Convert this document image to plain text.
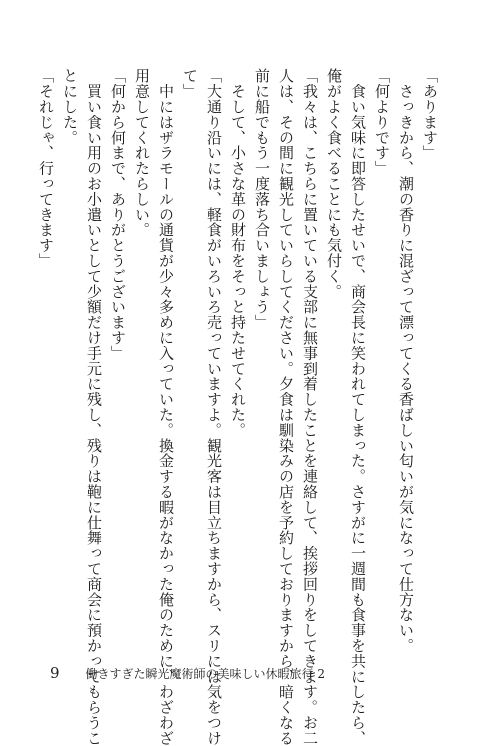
「あります」
　さっきから、潮の香りに混ざって漂ってくる香ばしい匂いが気になって仕方ない。
「何よりです」
　食い気味に即答したせいで、商会長に笑われてしまった。さすがに一週間も食事を共にしたら、
俺がよく食べることにも気付く。
「我々は、こちらに置いている支部に無事到着したことを連絡して、挨拶回りをしてきます。お二
人は、その間に観光していらしてください。夕食は馴染みの店を予約しておりますから、暗くなる
前に船でもう一度落ち合いましょう」
　そして、小さな革の財布をそっと持たせてくれた。
「大通り沿いには、軽食がいろいろ売っていますよ。観光客は目立ちますから、スリには気をつけ
て」
　中にはザラモールの通貨が少々多めに入っていた。換金する暇がなかった俺のために、わざわざ
用意してくれたらしい。
「何から何まで、ありがとうございます」
　買い食い用のお小遣いとして少額だけ手元に残し、残りは鞄に仕舞って商会に預かってもらうこ
とにした。
「それじゃ、行ってきます」
9 働きすぎた瞬光魔術師の美味しい休暇旅行 2
